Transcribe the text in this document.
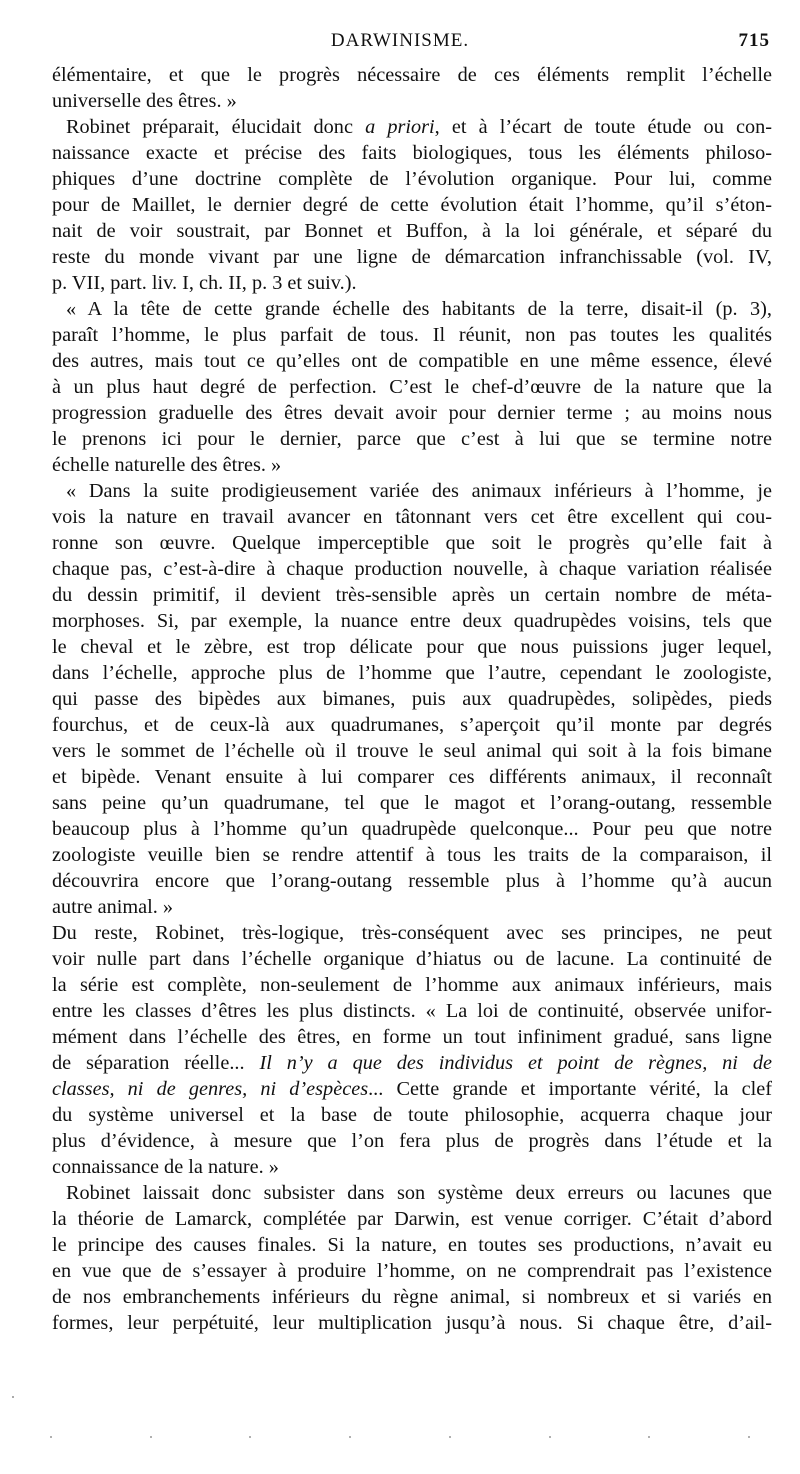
DARWINISME.	715
élémentaire, et que le progrès nécessaire de ces éléments remplit l’échelle
universelle des êtres. »
Robinet préparait, élucidait donc a priori, et à l’écart de toute étude ou con-
naissance exacte et précise des faits biologiques, tous les éléments philoso-
phiques d’une doctrine complète de l’évolution organique. Pour lui, comme
pour de Maillet, le dernier degré de cette évolution était l’homme, qu’il s’éton-
nait de voir soustrait, par Bonnet et Buffon, à la loi générale, et séparé du
reste du monde vivant par une ligne de démarcation infranchissable (vol. IV,
p. VII, part. liv. I, ch. II, p. 3 et suiv.).
« A la tête de cette grande échelle des habitants de la terre, disait-il (p. 3),
paraît l’homme, le plus parfait de tous. Il réunit, non pas toutes les qualités
des autres, mais tout ce qu’elles ont de compatible en une même essence, élevé
à un plus haut degré de perfection. C’est le chef-d’œuvre de la nature que la
progression graduelle des êtres devait avoir pour dernier terme ; au moins nous
le prenons ici pour le dernier, parce que c’est à lui que se termine notre
échelle naturelle des êtres. »
« Dans la suite prodigieusement variée des animaux inférieurs à l’homme, je
vois la nature en travail avancer en tâtonnant vers cet être excellent qui cou-
ronne son œuvre. Quelque imperceptible que soit le progrès qu’elle fait à
chaque pas, c’est-à-dire à chaque production nouvelle, à chaque variation réalisée
du dessin primitif, il devient très-sensible après un certain nombre de méta-
morphoses. Si, par exemple, la nuance entre deux quadrupèdes voisins, tels que
le cheval et le zèbre, est trop délicate pour que nous puissions juger lequel,
dans l’échelle, approche plus de l’homme que l’autre, cependant le zoologiste,
qui passe des bipèdes aux bimanes, puis aux quadrupèdes, solipèdes, pieds
fourchus, et de ceux-là aux quadrumanes, s’aperçoit qu’il monte par degrés
vers le sommet de l’échelle où il trouve le seul animal qui soit à la fois bimane
et bipède. Venant ensuite à lui comparer ces différents animaux, il reconnaît
sans peine qu’un quadrumane, tel que le magot et l’orang-outang, ressemble
beaucoup plus à l’homme qu’un quadrupède quelconque... Pour peu que notre
zoologiste veuille bien se rendre attentif à tous les traits de la comparaison, il
découvrira encore que l’orang-outang ressemble plus à l’homme qu’à aucun
autre animal. »
Du reste, Robinet, très-logique, très-conséquent avec ses principes, ne peut
voir nulle part dans l’échelle organique d’hiatus ou de lacune. La continuité de
la série est complète, non-seulement de l’homme aux animaux inférieurs, mais
entre les classes d’êtres les plus distincts. « La loi de continuité, observée unifor-
mément dans l’échelle des êtres, en forme un tout infiniment gradué, sans ligne
de séparation réelle... Il n’y a que des individus et point de règnes, ni de
classes, ni de genres, ni d’espèces... Cette grande et importante vérité, la clef
du système universel et la base de toute philosophie, acquerra chaque jour
plus d’évidence, à mesure que l’on fera plus de progrès dans l’étude et la
connaissance de la nature. »
Robinet laissait donc subsister dans son système deux erreurs ou lacunes que
la théorie de Lamarck, complétée par Darwin, est venue corriger. C’était d’abord
le principe des causes finales. Si la nature, en toutes ses productions, n’avait eu
en vue que de s’essayer à produire l’homme, on ne comprendrait pas l’existence
de nos embranchements inférieurs du règne animal, si nombreux et si variés en
formes, leur perpétuité, leur multiplication jusqu’à nous. Si chaque être, d’ail-
